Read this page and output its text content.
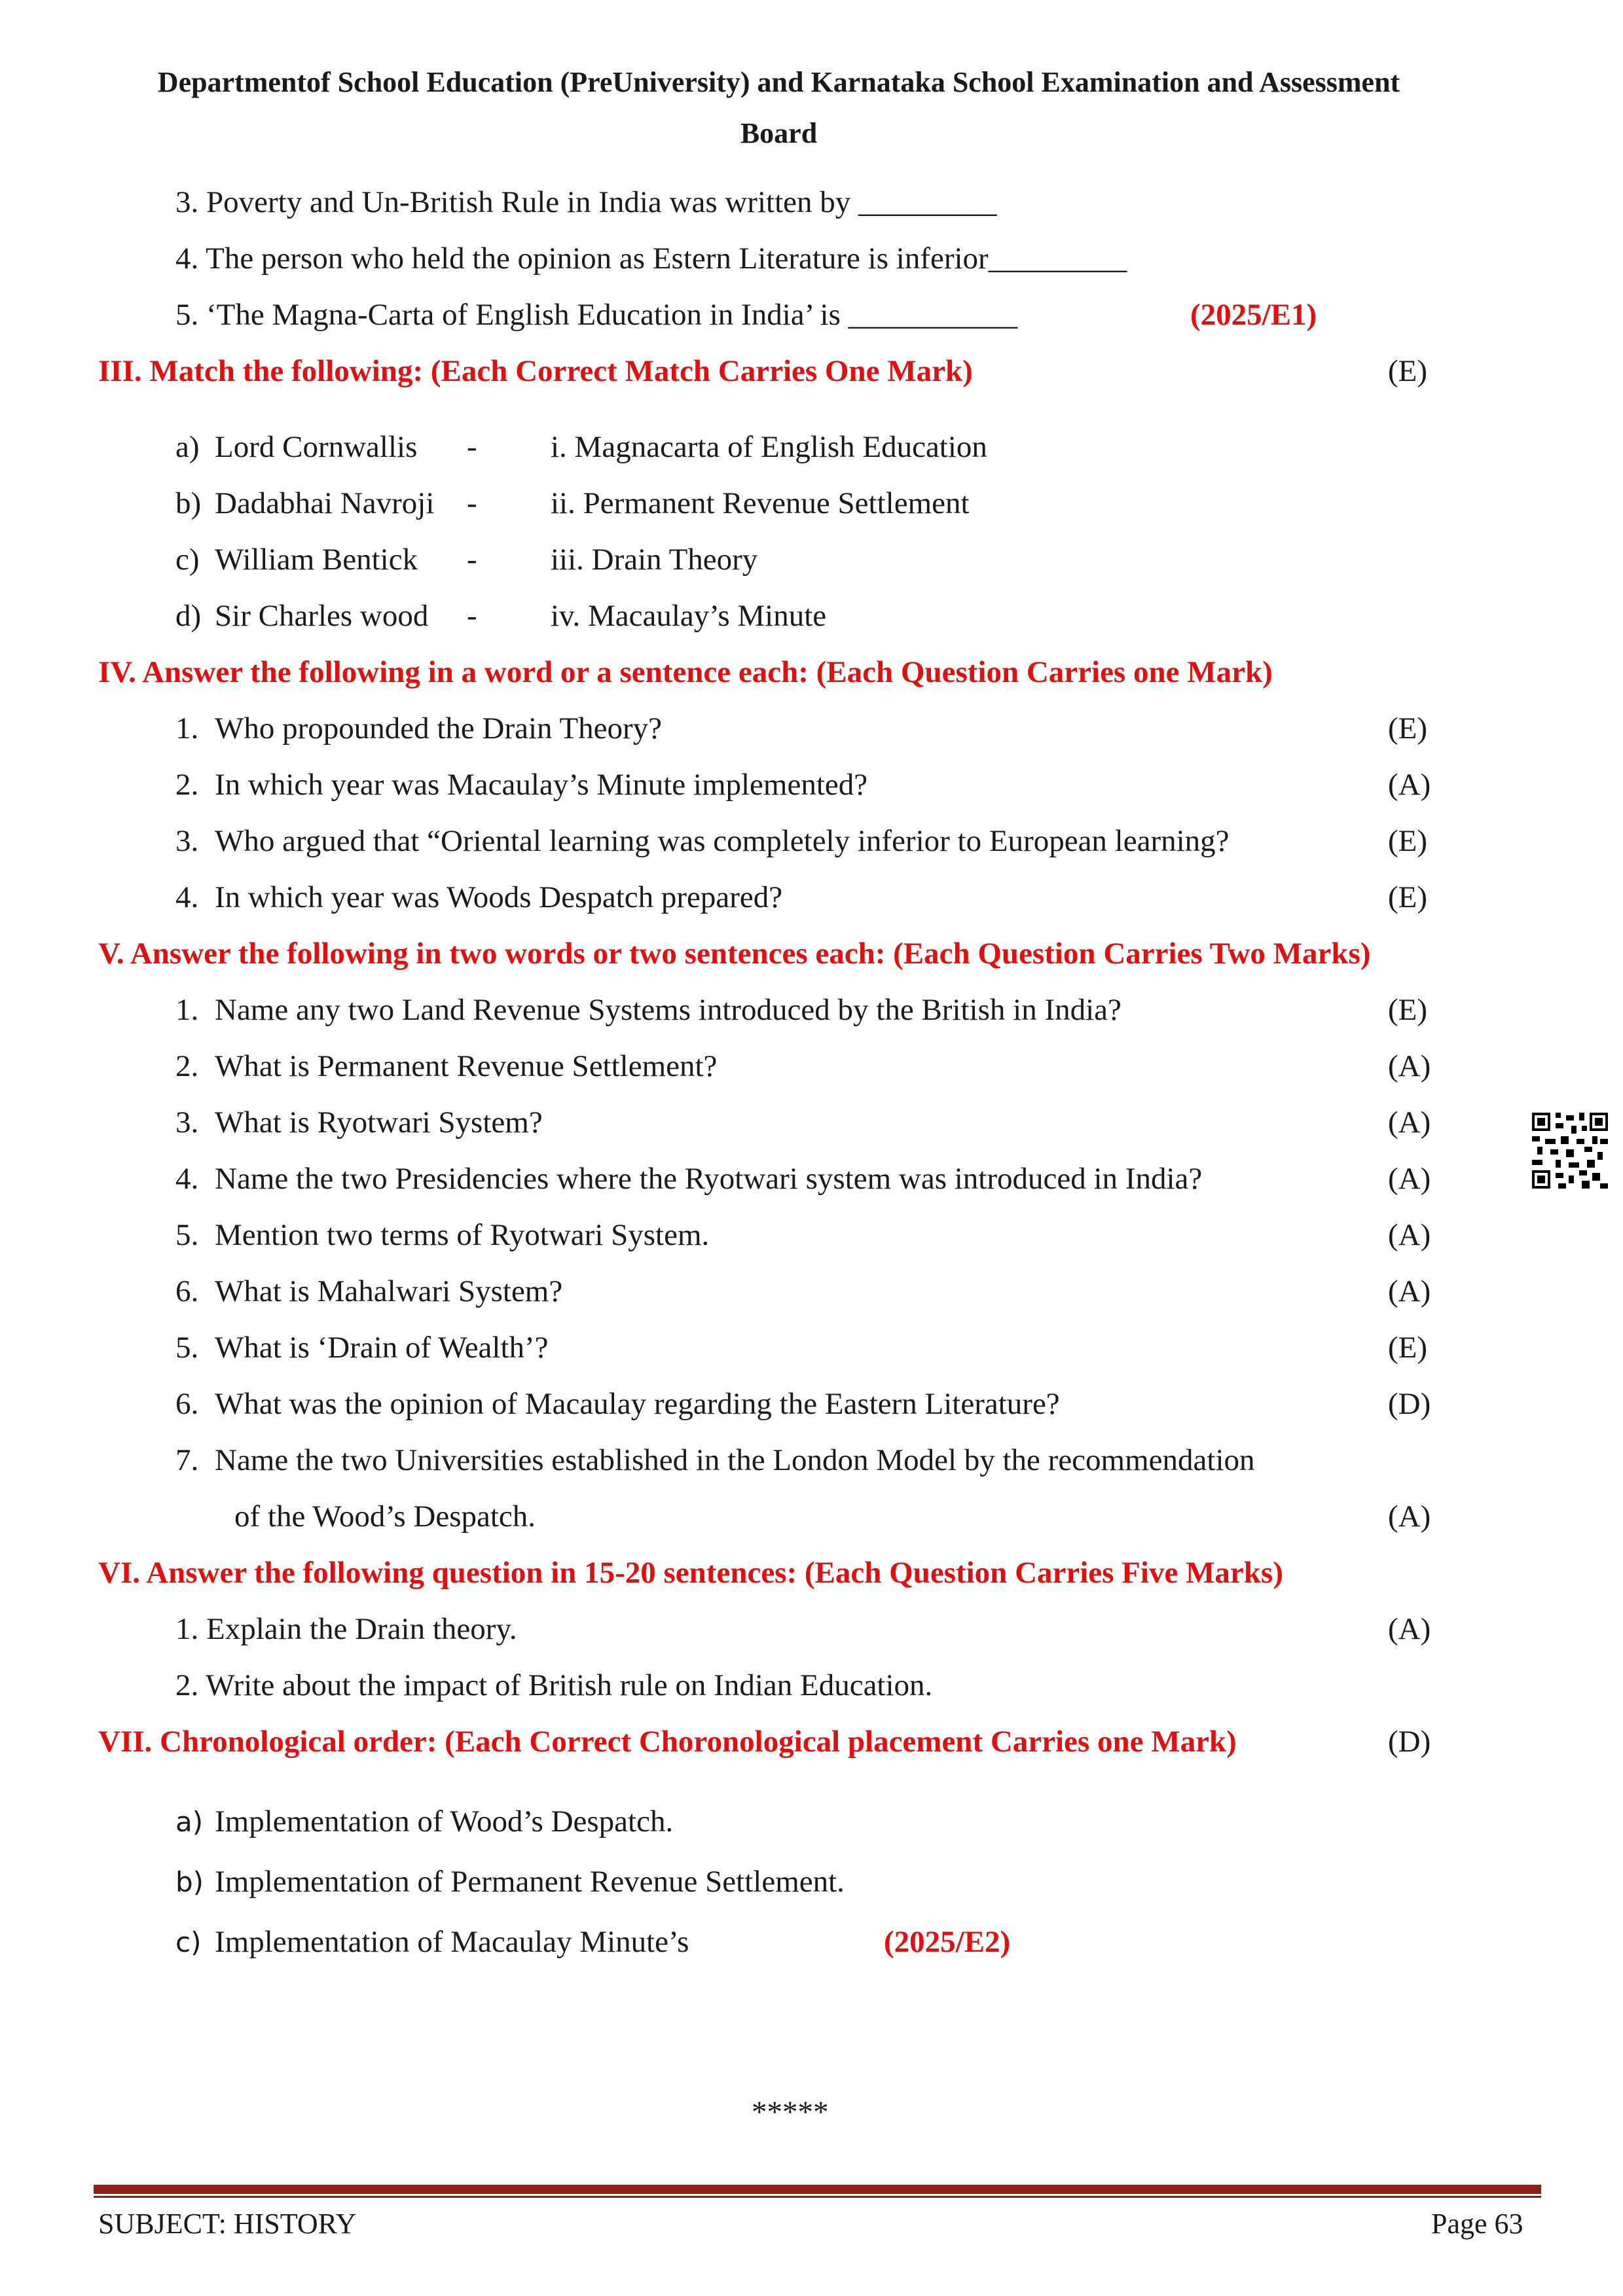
Departmentof School Education (PreUniversity) and Karnataka School Examination and Assessment
Board
3. Poverty and Un-British Rule in India was written by _________
4. The person who held the opinion as Estern Literature is inferior_________
5. ‘The Magna-Carta of English Education in India’ is ___________	(2025/E1)
III. Match the following: (Each Correct Match Carries One Mark)	(E)
a) Lord Cornwallis - i. Magnacarta of English Education
b) Dadabhai Navroji - ii. Permanent Revenue Settlement
c) William Bentick - iii. Drain Theory
d) Sir Charles wood - iv. Macaulay’s Minute
IV. Answer the following in a word or a sentence each: (Each Question Carries one Mark)
1. Who propounded the Drain Theory?	(E)
2. In which year was Macaulay’s Minute implemented?	(A)
3. Who argued that “Oriental learning was completely inferior to European learning?	(E)
4. In which year was Woods Despatch prepared?	(E)
V. Answer the following in two words or two sentences each: (Each Question Carries Two Marks)
1. Name any two Land Revenue Systems introduced by the British in India?	(E)
2. What is Permanent Revenue Settlement?	(A)
3. What is Ryotwari System?	(A)
4. Name the two Presidencies where the Ryotwari system was introduced in India?	(A)
5. Mention two terms of Ryotwari System.	(A)
6. What is Mahalwari System?	(A)
5. What is ‘Drain of Wealth’?	(E)
6. What was the opinion of Macaulay regarding the Eastern Literature?	(D)
7. Name the two Universities established in the London Model by the recommendation
of the Wood’s Despatch.	(A)
VI. Answer the following question in 15-20 sentences: (Each Question Carries Five Marks)
1. Explain the Drain theory.	(A)
2. Write about the impact of British rule on Indian Education.
VII. Chronological order: (Each Correct Choronological placement Carries one Mark)	(D)
a) Implementation of Wood’s Despatch.
b) Implementation of Permanent Revenue Settlement.
c) Implementation of Macaulay Minute’s	(2025/E2)
*****
SUBJECT: HISTORY	Page 63
